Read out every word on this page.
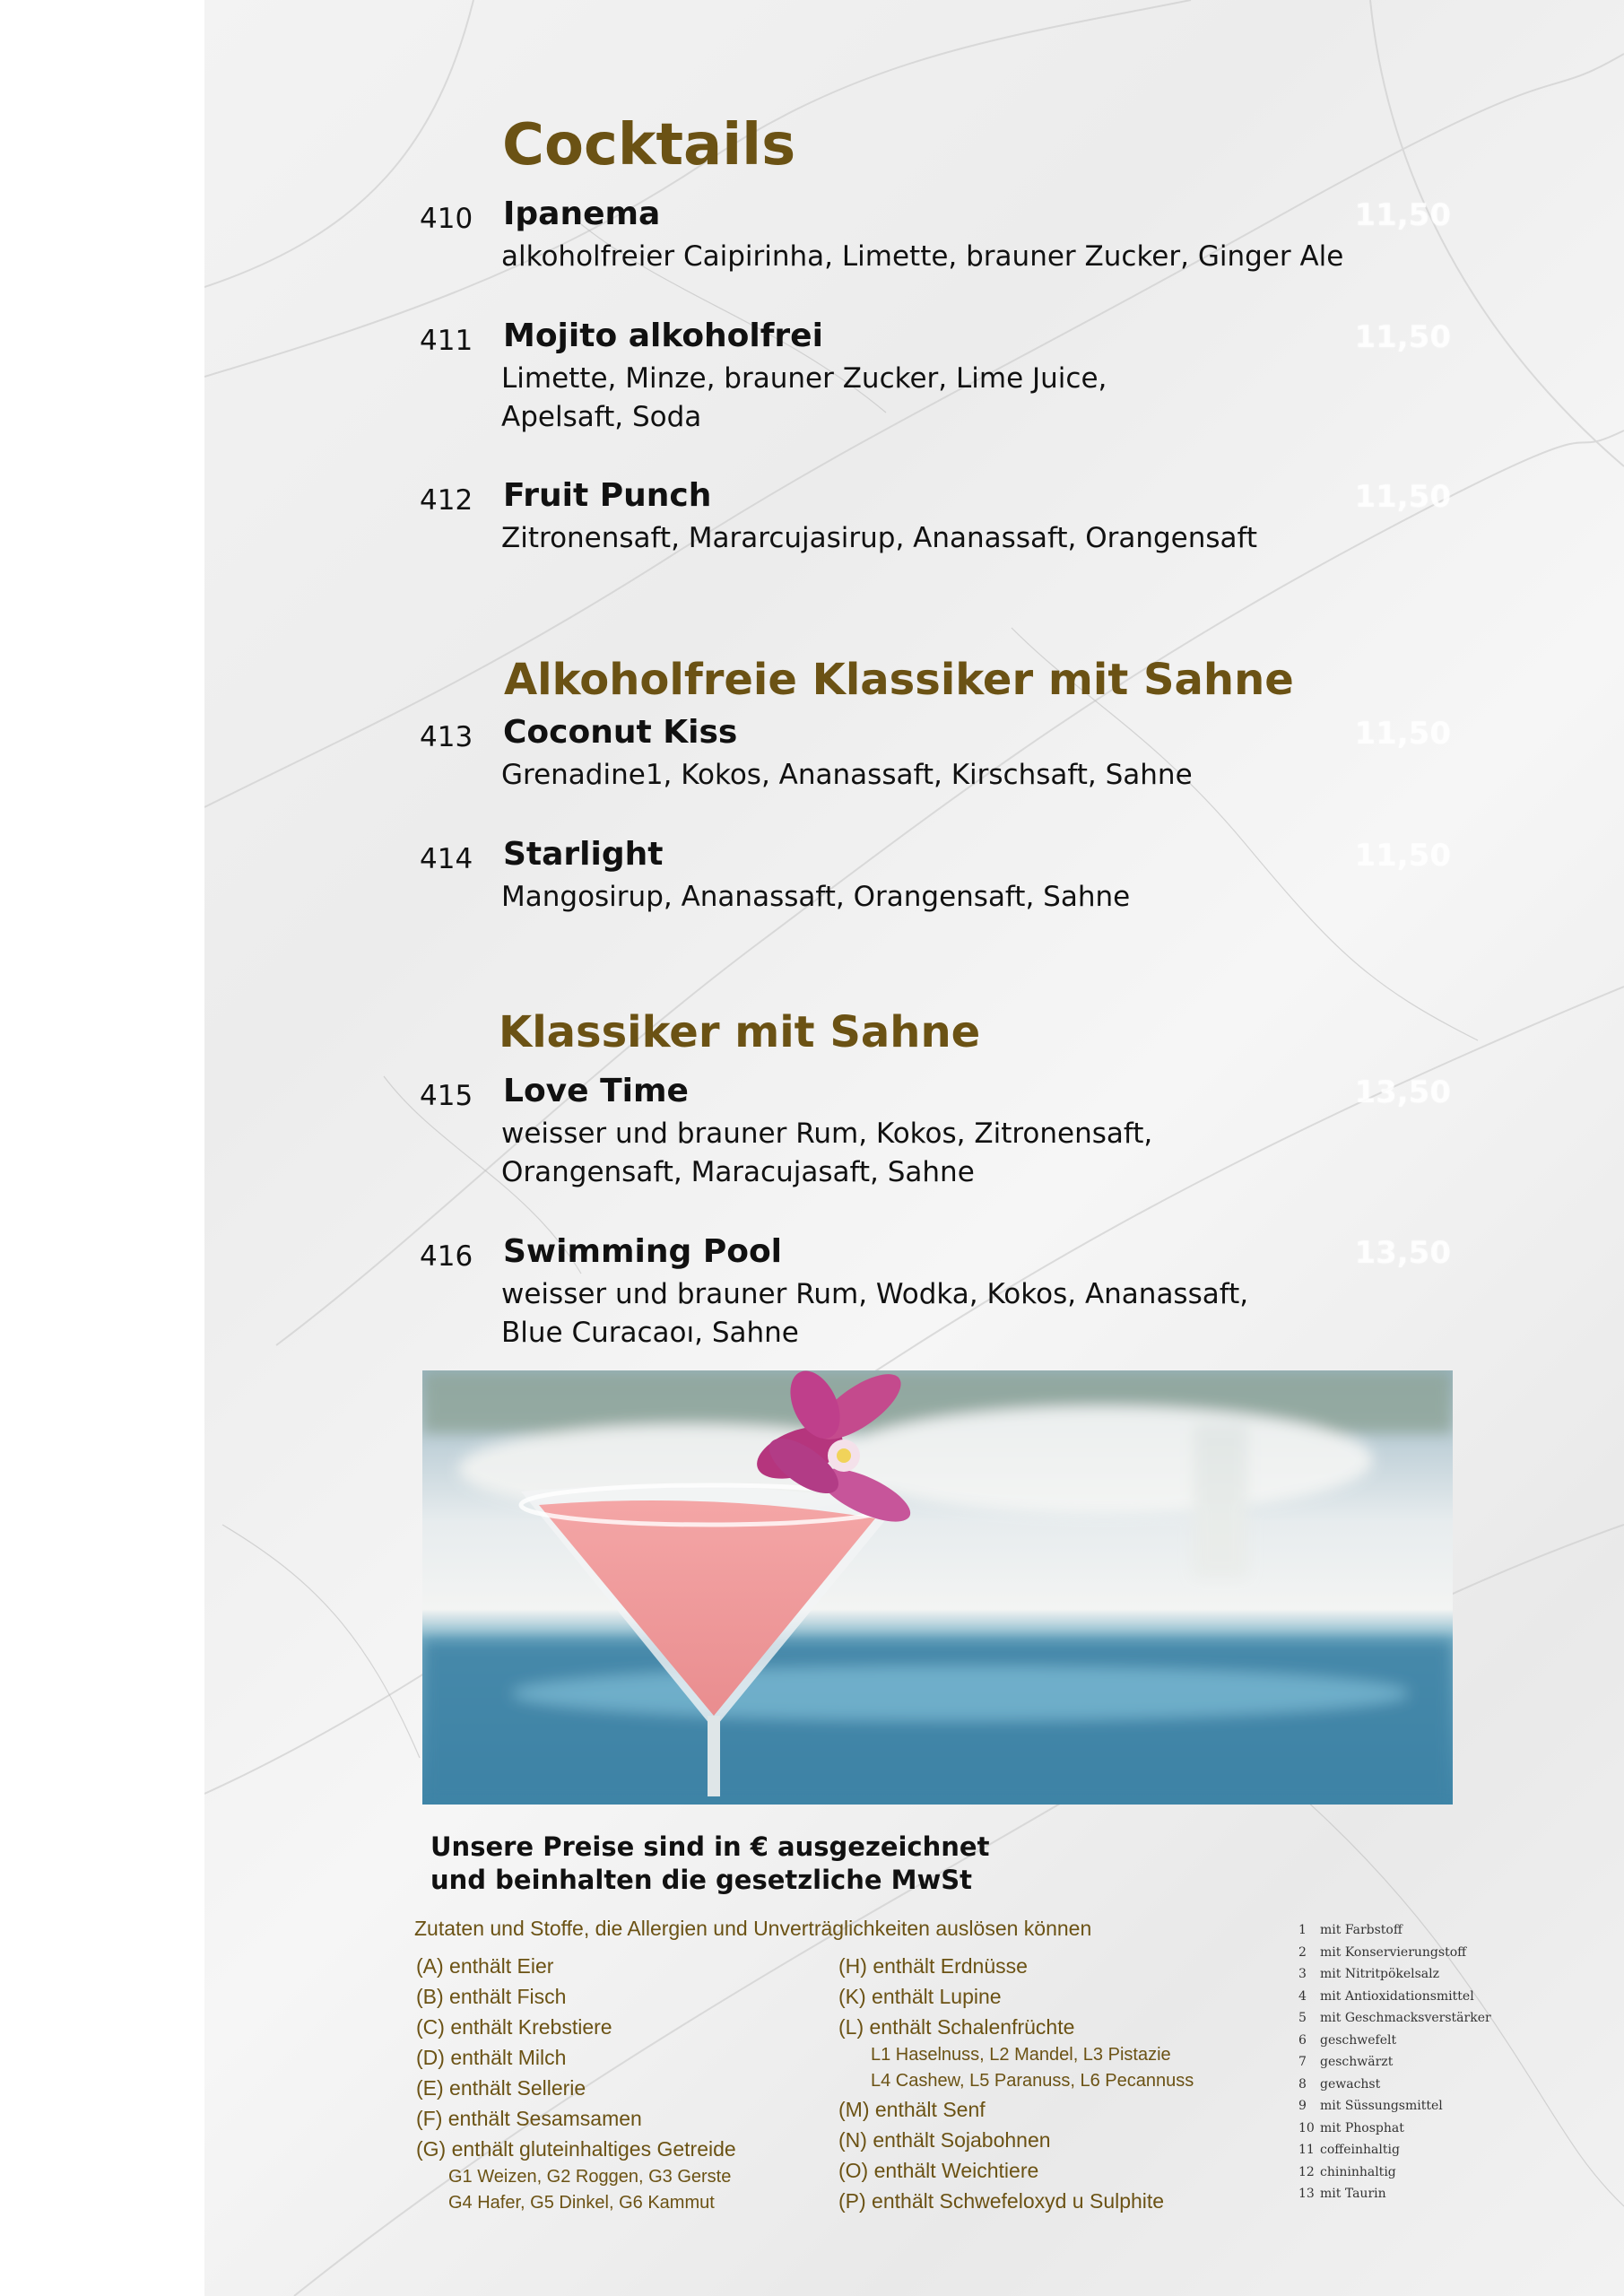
Cocktails
410 Ipanema
alkoholfreier Caipirinha, Limette, brauner Zucker, Ginger Ale
11,50
411 Mojito alkoholfrei
Limette, Minze, brauner Zucker, Lime Juice,
Apelsaft, Soda
11,50
412 Fruit Punch
Zitronensaft, Mararcujasirup, Ananassaft, Orangensaft
11,50
Alkoholfreie Klassiker mit Sahne
413 Coconut Kiss
Grenadine1, Kokos, Ananassaft, Kirschsaft, Sahne
11,50
414 Starlight
Mangosirup, Ananassaft, Orangensaft, Sahne
11,50
Klassiker mit Sahne
415 Love Time
weisser und brauner Rum, Kokos, Zitronensaft,
Orangensaft, Maracujasaft, Sahne
13,50
416 Swimming Pool
weisser und brauner Rum, Wodka, Kokos, Ananassaft,
Blue Curacaoı, Sahne
13,50
Unsere Preise sind in € ausgezeichnet
und beinhalten die gesetzliche MwSt
Zutaten und Stoffe, die Allergien und Unverträglichkeiten auslösen können
(A) enthält Eier
(B) enthält Fisch
(C) enthält Krebstiere
(D) enthält Milch
(E) enthält Sellerie
(F) enthält Sesamsamen
(G) enthält gluteinhaltiges Getreide
G1 Weizen, G2 Roggen, G3 Gerste
G4 Hafer, G5 Dinkel, G6 Kammut
(H) enthält Erdnüsse
(K) enthält Lupine
(L) enthält Schalenfrüchte
L1 Haselnuss, L2 Mandel, L3 Pistazie
L4 Cashew, L5 Paranuss, L6 Pecannuss
(M) enthält Senf
(N) enthält Sojabohnen
(O) enthält Weichtiere
(P) enthält Schwefeloxyd u Sulphite
1 mit Farbstoff
2 mit Konservierungstoff
3 mit Nitritpökelsalz
4 mit Antioxidationsmittel
5 mit Geschmacksverstärker
6 geschwefelt
7 geschwärzt
8 gewachst
9 mit Süssungsmittel
10 mit Phosphat
11 coffeinhaltig
12 chininhaltig
13 mit Taurin
